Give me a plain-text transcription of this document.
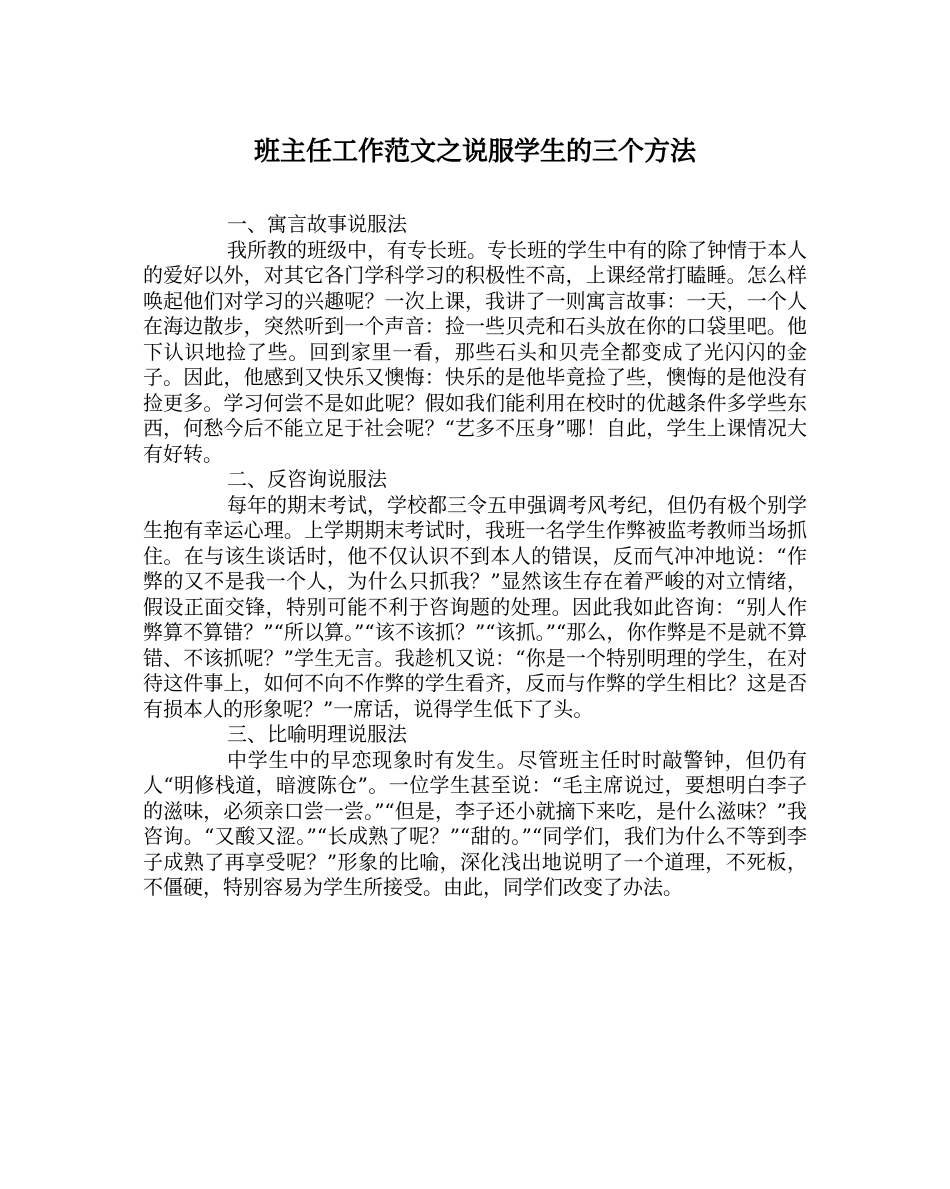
班主任工作范文之说服学生的三个方法

一、寓言故事说服法

我所教的班级中，有专长班。专长班的学生中有的除了钟情于本人的爱好以外，对其它各门学科学习的积极性不高，上课经常打瞌睡。怎么样唤起他们对学习的兴趣呢？一次上课，我讲了一则寓言故事：一天，一个人在海边散步，突然听到一个声音：捡一些贝壳和石头放在你的口袋里吧。他下认识地捡了些。回到家里一看，那些石头和贝壳全都变成了光闪闪的金子。因此，他感到又快乐又懊悔：快乐的是他毕竟捡了些，懊悔的是他没有捡更多。学习何尝不是如此呢？假如我们能利用在校时的优越条件多学些东西，何愁今后不能立足于社会呢？“艺多不压身”哪！自此，学生上课情况大有好转。

二、反咨询说服法

每年的期末考试，学校都三令五申强调考风考纪，但仍有极个别学生抱有幸运心理。上学期期末考试时，我班一名学生作弊被监考教师当场抓住。在与该生谈话时，他不仅认识不到本人的错误，反而气冲冲地说：“作弊的又不是我一个人，为什么只抓我？”显然该生存在着严峻的对立情绪，假设正面交锋，特别可能不利于咨询题的处理。因此我如此咨询：“别人作弊算不算错？”“所以算。”“该不该抓？”“该抓。”“那么，你作弊是不是就不算错、不该抓呢？”学生无言。我趁机又说：“你是一个特别明理的学生，在对待这件事上，如何不向不作弊的学生看齐，反而与作弊的学生相比？这是否有损本人的形象呢？”一席话，说得学生低下了头。

三、比喻明理说服法

中学生中的早恋现象时有发生。尽管班主任时时敲警钟，但仍有人“明修栈道，暗渡陈仓”。一位学生甚至说：“毛主席说过，要想明白李子的滋味，必须亲口尝一尝。”“但是，李子还小就摘下来吃，是什么滋味？”我咨询。“又酸又涩。”“长成熟了呢？”“甜的。”“同学们，我们为什么不等到李子成熟了再享受呢？”形象的比喻，深化浅出地说明了一个道理，不死板，不僵硬，特别容易为学生所接受。由此，同学们改变了办法。
